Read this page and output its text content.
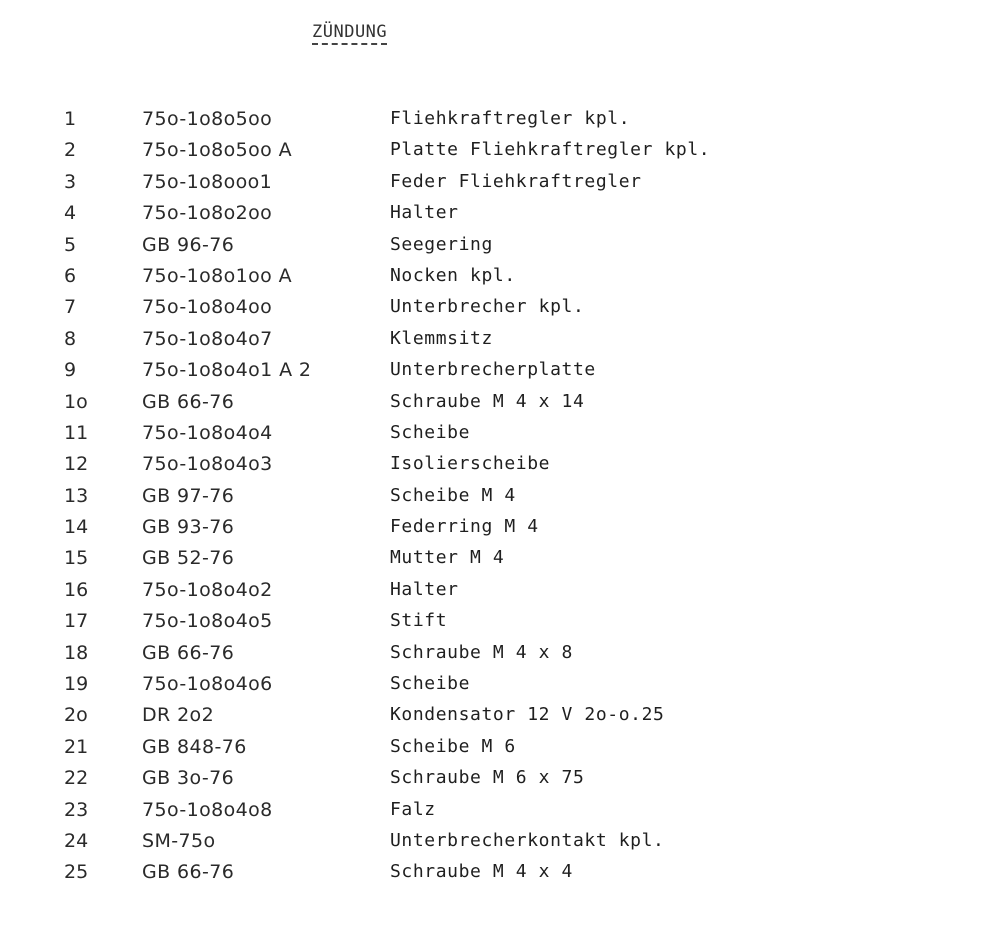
ZÜNDUNG
1	75o-1o8o5oo	Fliehkraftregler kpl.
2	75o-1o8o5oo A	Platte Fliehkraftregler kpl.
3	75o-1o8ooo1	Feder Fliehkraftregler
4	75o-1o8o2oo	Halter
5	GB 96-76	Seegering
6	75o-1o8o1oo A	Nocken kpl.
7	75o-1o8o4oo	Unterbrecher kpl.
8	75o-1o8o4o7	Klemmsitz
9	75o-1o8o4o1 A 2	Unterbrecherplatte
1o	GB 66-76	Schraube M 4 x 14
11	75o-1o8o4o4	Scheibe
12	75o-1o8o4o3	Isolierscheibe
13	GB 97-76	Scheibe M 4
14	GB 93-76	Federring M 4
15	GB 52-76	Mutter M 4
16	75o-1o8o4o2	Halter
17	75o-1o8o4o5	Stift
18	GB 66-76	Schraube M 4 x 8
19	75o-1o8o4o6	Scheibe
2o	DR 2o2	Kondensator 12 V 2o-o.25
21	GB 848-76	Scheibe M 6
22	GB 3o-76	Schraube M 6 x 75
23	75o-1o8o4o8	Falz
24	SM-75o	Unterbrecherkontakt kpl.
25	GB 66-76	Schraube M 4 x 4
